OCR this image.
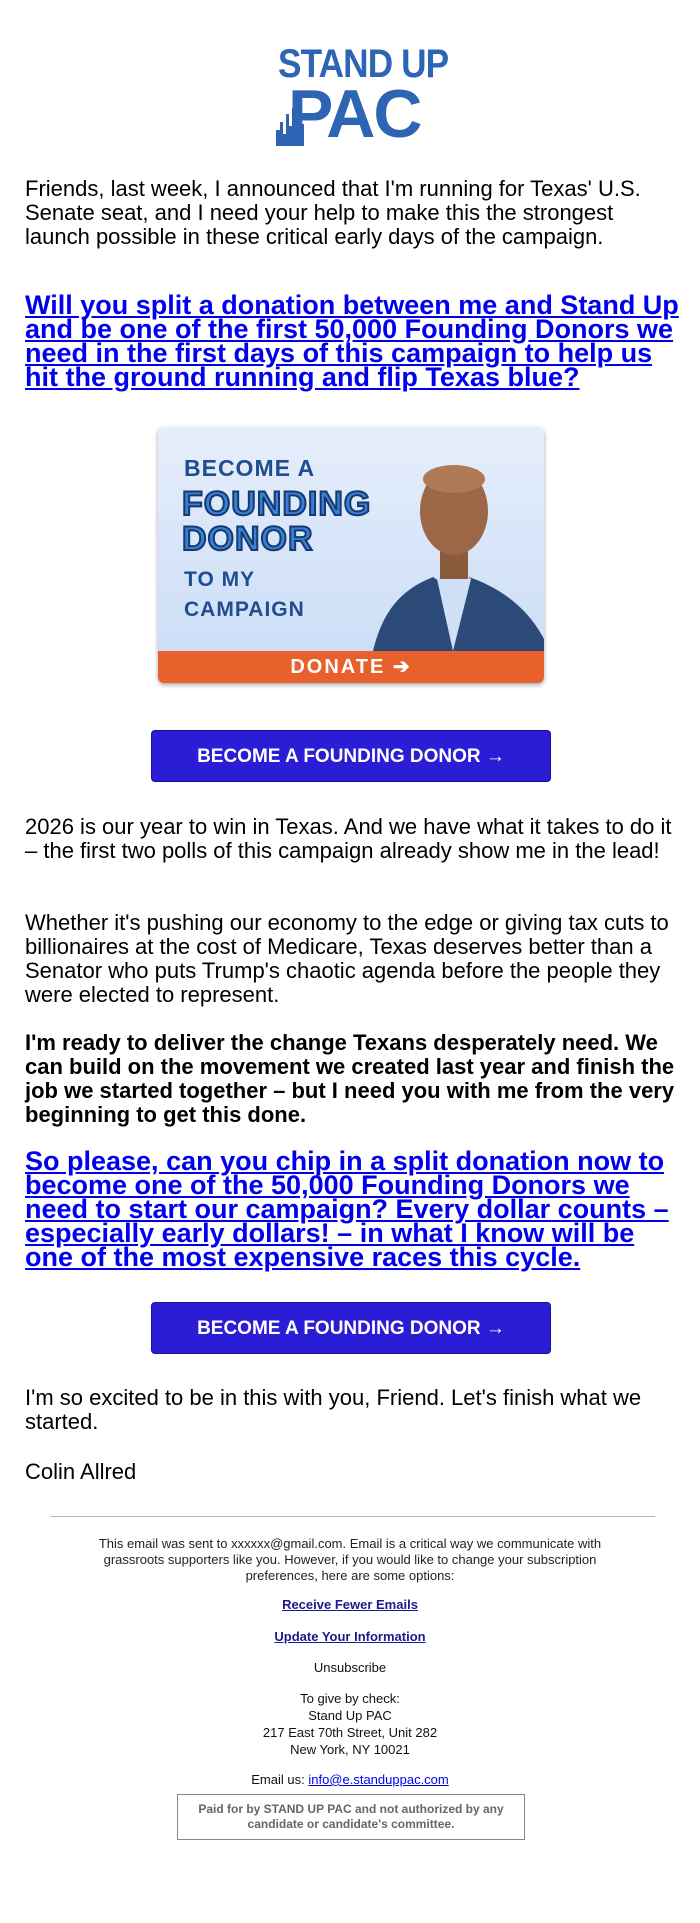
STAND UP
PAC
Friends, last week, I announced that I'm running for Texas' U.S. Senate seat, and I need your help to make this the strongest launch possible in these critical early days of the campaign.
Will you split a donation between me and Stand Up and be one of the first 50,000 Founding Donors we need in the first days of this campaign to help us hit the ground running and flip Texas blue?
BECOME A
FOUNDING
DONOR
TO MY
CAMPAIGN
DONATE ➔
BECOME A FOUNDING DONOR →
2026 is our year to win in Texas. And we have what it takes to do it – the first two polls of this campaign already show me in the lead!
Whether it's pushing our economy to the edge or giving tax cuts to billionaires at the cost of Medicare, Texas deserves better than a Senator who puts Trump's chaotic agenda before the people they were elected to represent.
I'm ready to deliver the change Texans desperately need. We can build on the movement we created last year and finish the job we started together – but I need you with me from the very beginning to get this done.
So please, can you chip in a split donation now to become one of the 50,000 Founding Donors we need to start our campaign? Every dollar counts – especially early dollars! – in what I know will be one of the most expensive races this cycle.
BECOME A FOUNDING DONOR →
I'm so excited to be in this with you, Friend. Let's finish what we started.
Colin Allred
This email was sent to xxxxxx@gmail.com. Email is a critical way we communicate with grassroots supporters like you. However, if you would like to change your subscription preferences, here are some options:
Receive Fewer Emails
Update Your Information
Unsubscribe
To give by check:
Stand Up PAC
217 East 70th Street, Unit 282
New York, NY 10021
Email us: info@e.standuppac.com
Paid for by STAND UP PAC and not authorized by any candidate or candidate's committee.
